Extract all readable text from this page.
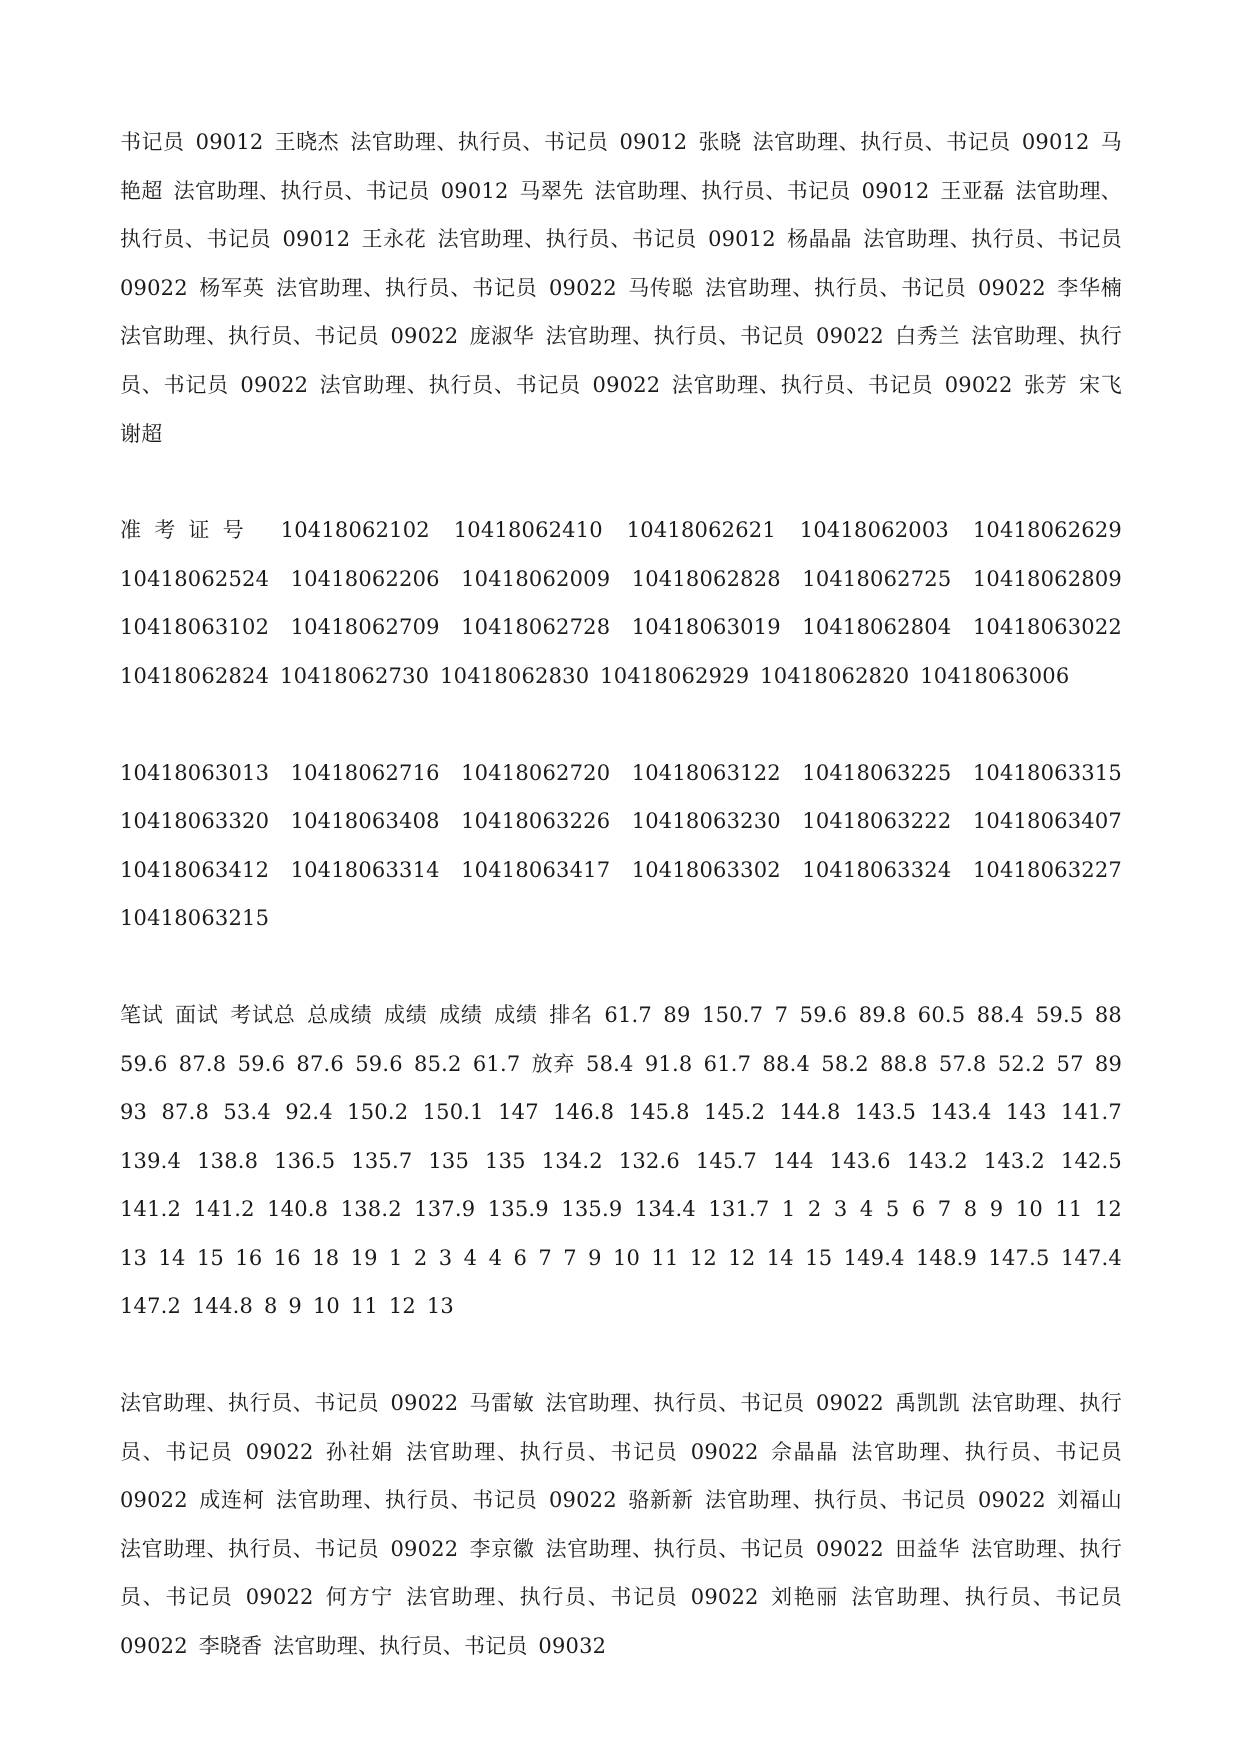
书记员 09012 王晓杰 法官助理、执行员、书记员 09012 张晓 法官助理、执行员、书记员 09012 马艳超 法官助理、执行员、书记员 09012 马翠先 法官助理、执行员、书记员 09012 王亚磊 法官助理、执行员、书记员 09012 王永花 法官助理、执行员、书记员 09012 杨晶晶 法官助理、执行员、书记员 09022 杨军英 法官助理、执行员、书记员 09022 马传聪 法官助理、执行员、书记员 09022 李华楠 法官助理、执行员、书记员 09022 庞淑华 法官助理、执行员、书记员 09022 白秀兰 法官助理、执行员、书记员 09022 法官助理、执行员、书记员 09022 法官助理、执行员、书记员 09022 张芳 宋飞 谢超

准考证号 10418062102 10418062410 10418062621 10418062003 10418062629 10418062524 10418062206 10418062009 10418062828 10418062725 10418062809 10418063102 10418062709 10418062728 10418063019 10418062804 10418063022 10418062824 10418062730 10418062830 10418062929 10418062820 10418063006

10418063013 10418062716 10418062720 10418063122 10418063225 10418063315 10418063320 10418063408 10418063226 10418063230 10418063222 10418063407 10418063412 10418063314 10418063417 10418063302 10418063324 10418063227 10418063215

笔试 面试 考试总 总成绩 成绩 成绩 成绩 排名 61.7 89 150.7 7 59.6 89.8 60.5 88.4 59.5 88 59.6 87.8 59.6 87.6 59.6 85.2 61.7 放弃 58.4 91.8 61.7 88.4 58.2 88.8 57.8 52.2 57 89 93 87.8 53.4 92.4 150.2 150.1 147 146.8 145.8 145.2 144.8 143.5 143.4 143 141.7 139.4 138.8 136.5 135.7 135 135 134.2 132.6 145.7 144 143.6 143.2 143.2 142.5 141.2 141.2 140.8 138.2 137.9 135.9 135.9 134.4 131.7 1 2 3 4 5 6 7 8 9 10 11 12 13 14 15 16 16 18 19 1 2 3 4 4 6 7 7 9 10 11 12 12 14 15 149.4 148.9 147.5 147.4 147.2 144.8 8 9 10 11 12 13

法官助理、执行员、书记员 09022 马雷敏 法官助理、执行员、书记员 09022 禹凯凯 法官助理、执行员、书记员 09022 孙社娟 法官助理、执行员、书记员 09022 佘晶晶 法官助理、执行员、书记员 09022 成连柯 法官助理、执行员、书记员 09022 骆新新 法官助理、执行员、书记员 09022 刘福山 法官助理、执行员、书记员 09022 李京徽 法官助理、执行员、书记员 09022 田益华 法官助理、执行员、书记员 09022 何方宁 法官助理、执行员、书记员 09022 刘艳丽 法官助理、执行员、书记员 09022 李晓香 法官助理、执行员、书记员 09032
